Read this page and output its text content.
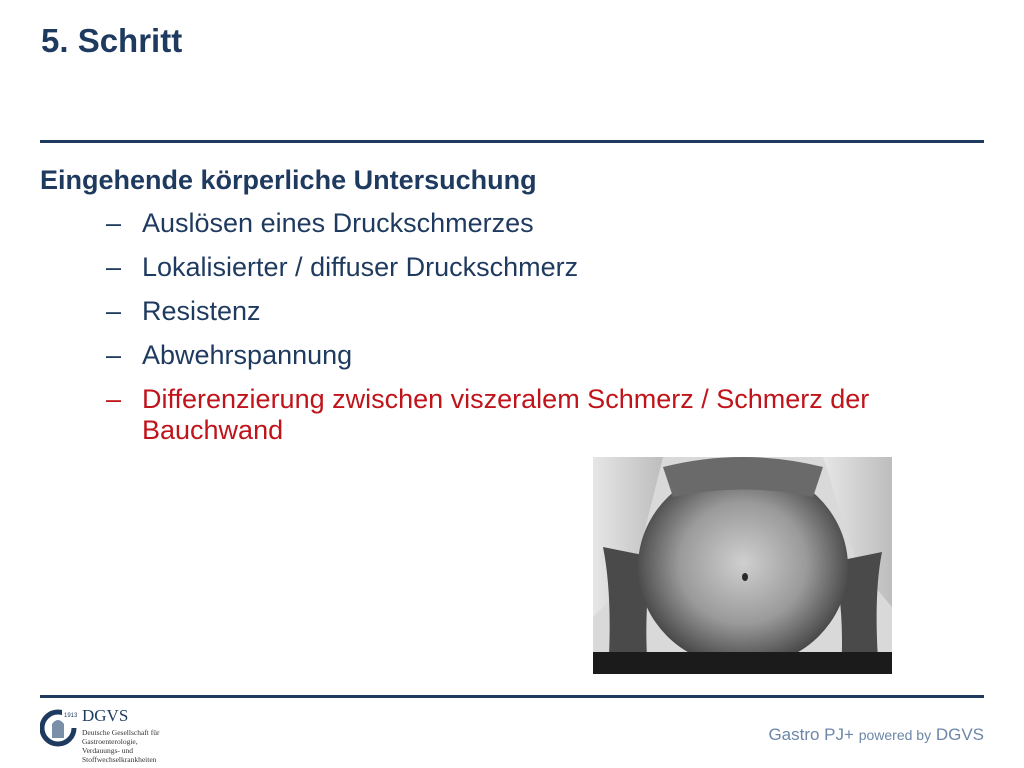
5. Schritt
Eingehende körperliche Untersuchung
– Auslösen eines Druckschmerzes
– Lokalisierter / diffuser Druckschmerz
– Resistenz
– Abwehrspannung
– Differenzierung zwischen viszeralem Schmerz / Schmerz der Bauchwand
1913 DGVS
Deutsche Gesellschaft für
Gastroenterologie,
Verdauungs- und
Stoffwechselkrankheiten
Gastro PJ+ powered by DGVS
